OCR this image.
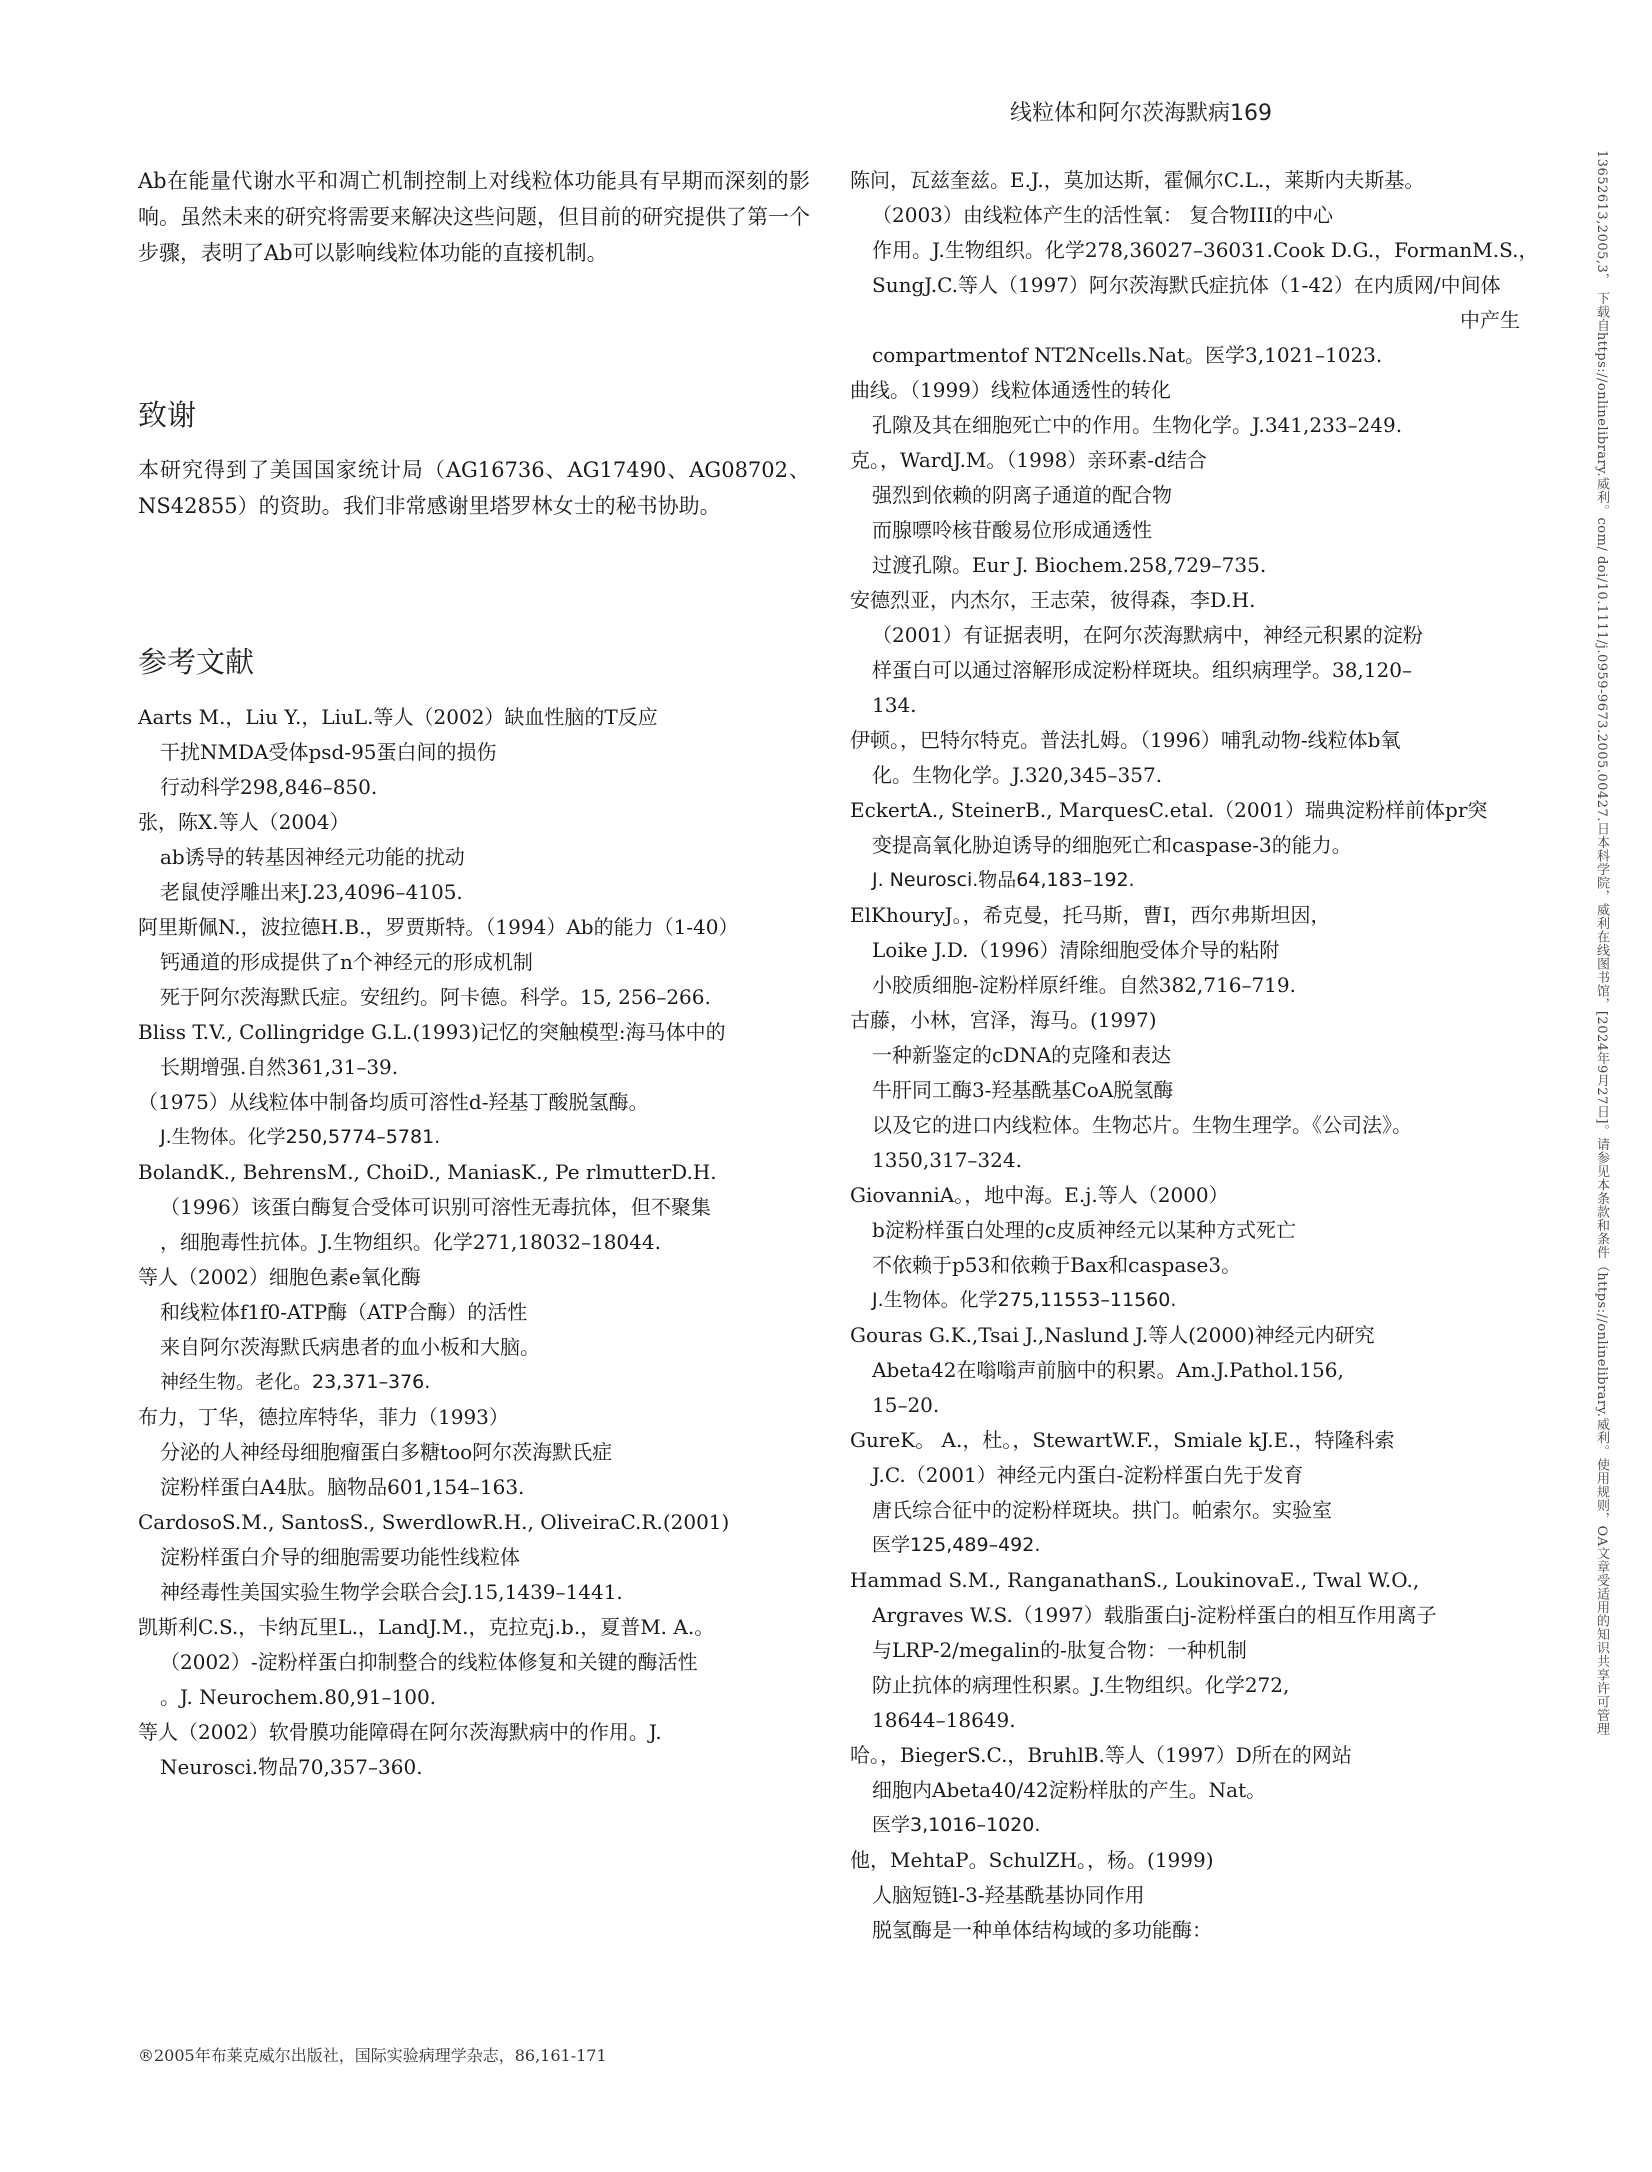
线粒体和阿尔茨海默病169
13652613,2005,3， 下载自https://onlinelibrary.威利。com/ doi/10.1111/j.0959-9673.2005.00427.日本科学院，威利在线图书馆，[2024年9月27日]。请参见本条款和条件（https://onlinelibrary.威利。使用规则，OA文章受适用的知识共享许可管理
Ab在能量代谢水平和凋亡机制控制上对线粒体功能具有早期而深刻的影响。虽然未来的研究将需要来解决这些问题，但目前的研究提供了第一个步骤，表明了Ab可以影响线粒体功能的直接机制。
致谢
本研究得到了美国国家统计局（AG16736、AG17490、AG08702、NS42855）的资助。我们非常感谢里塔罗林女士的秘书协助。
参考文献
Aarts M.，Liu Y.，LiuL.等人（2002）缺血性脑的T反应
干扰NMDA受体psd-95蛋白间的损伤
行动科学298,846–850.
张，陈X.等人（2004）
ab诱导的转基因神经元功能的扰动
老鼠使浮雕出来J.23,4096–4105.
阿里斯佩N.，波拉德H.B.，罗贾斯特。（1994）Ab的能力（1-40）
钙通道的形成提供了n个神经元的形成机制
死于阿尔茨海默氏症。安纽约。阿卡德。科学。15, 256–266.
Bliss T.V., Collingridge G.L.(1993)记忆的突触模型:海马体中的
长期增强.自然361,31–39.
（1975）从线粒体中制备均质可溶性d-羟基丁酸脱氢酶。
J.生物体。化学250,5774–5781.
BolandK., BehrensM., ChoiD., ManiasK., Pe rlmutterD.H.
（1996）该蛋白酶复合受体可识别可溶性无毒抗体，但不聚集
，细胞毒性抗体。J.生物组织。化学271,18032–18044.
等人（2002）细胞色素e氧化酶
和线粒体f1f0-ATP酶（ATP合酶）的活性
来自阿尔茨海默氏病患者的血小板和大脑。
神经生物。老化。23,371–376.
布力，丁华，德拉库特华，菲力（1993）
分泌的人神经母细胞瘤蛋白多糖too阿尔茨海默氏症
淀粉样蛋白A4肽。脑物品601,154–163.
CardosoS.M., SantosS., SwerdlowR.H., OliveiraC.R.(2001)
淀粉样蛋白介导的细胞需要功能性线粒体
神经毒性美国实验生物学会联合会J.15,1439–1441.
凯斯利C.S.，卡纳瓦里L.，LandJ.M.，克拉克j.b.，夏普M. A.。
（2002）-淀粉样蛋白抑制整合的线粒体修复和关键的酶活性
。J. Neurochem.80,91–100.
等人（2002）软骨膜功能障碍在阿尔茨海默病中的作用。J.
Neurosci.物品70,357–360.
陈问，瓦兹奎兹。E.J.，莫加达斯，霍佩尔C.L.，莱斯内夫斯基。
（2003）由线粒体产生的活性氧： 复合物III的中心
作用。J.生物组织。化学278,36027–36031.Cook D.G.，FormanM.S.，
SungJ.C.等人（1997）阿尔茨海默氏症抗体（1-42）在内质网/中间体
中产生
compartmentof NT2Ncells.Nat。医学3,1021–1023.
曲线。（1999）线粒体通透性的转化
孔隙及其在细胞死亡中的作用。生物化学。J.341,233–249.
克。，WardJ.M。（1998）亲环素-d结合
强烈到依赖的阴离子通道的配合物
而腺嘌呤核苷酸易位形成通透性
过渡孔隙。Eur J. Biochem.258,729–735.
安德烈亚，内杰尔，王志荣，彼得森，李D.H.
（2001）有证据表明，在阿尔茨海默病中，神经元积累的淀粉
样蛋白可以通过溶解形成淀粉样斑块。组织病理学。38,120–
134.
伊顿。，巴特尔特克。普法扎姆。（1996）哺乳动物-线粒体b氧
化。生物化学。J.320,345–357.
EckertA., SteinerB., MarquesC.etal.（2001）瑞典淀粉样前体pr突
变提高氧化胁迫诱导的细胞死亡和caspase-3的能力。
J. Neurosci.物品64,183–192.
ElKhouryJ。，希克曼，托马斯，曹I，西尔弗斯坦因，
Loike J.D.（1996）清除细胞受体介导的粘附
小胶质细胞-淀粉样原纤维。自然382,716–719.
古藤，小林，宫泽，海马。(1997)
一种新鉴定的cDNA的克隆和表达
牛肝同工酶3-羟基酰基CoA脱氢酶
以及它的进口内线粒体。生物芯片。生物生理学。《公司法》。
1350,317–324.
GiovanniA。，地中海。E.j.等人（2000）
b淀粉样蛋白处理的c皮质神经元以某种方式死亡
不依赖于p53和依赖于Bax和caspase3。
J.生物体。化学275,11553–11560.
Gouras G.K.,Tsai J.,Naslund J.等人(2000)神经元内研究
Abeta42在嗡嗡声前脑中的积累。Am.J.Pathol.156,
15–20.
GureK。 A.，杜。，StewartW.F.，Smiale kJ.E.，特隆科索
J.C.（2001）神经元内蛋白-淀粉样蛋白先于发育
唐氏综合征中的淀粉样斑块。拱门。帕索尔。实验室
医学125,489–492.
Hammad S.M., RanganathanS., LoukinovaE., Twal W.O.,
Argraves W.S.（1997）载脂蛋白j-淀粉样蛋白的相互作用离子
与LRP-2/megalin的-肽复合物：一种机制
防止抗体的病理性积累。J.生物组织。化学272,
18644–18649.
哈。，BiegerS.C.，BruhlB.等人（1997）D所在的网站
细胞内Abeta40/42淀粉样肽的产生。Nat。
医学3,1016–1020.
他，MehtaP。SchulZH。，杨。(1999)
人脑短链l-3-羟基酰基协同作用
脱氢酶是一种单体结构域的多功能酶：
®2005年布莱克威尔出版社，国际实验病理学杂志，86,161-171
